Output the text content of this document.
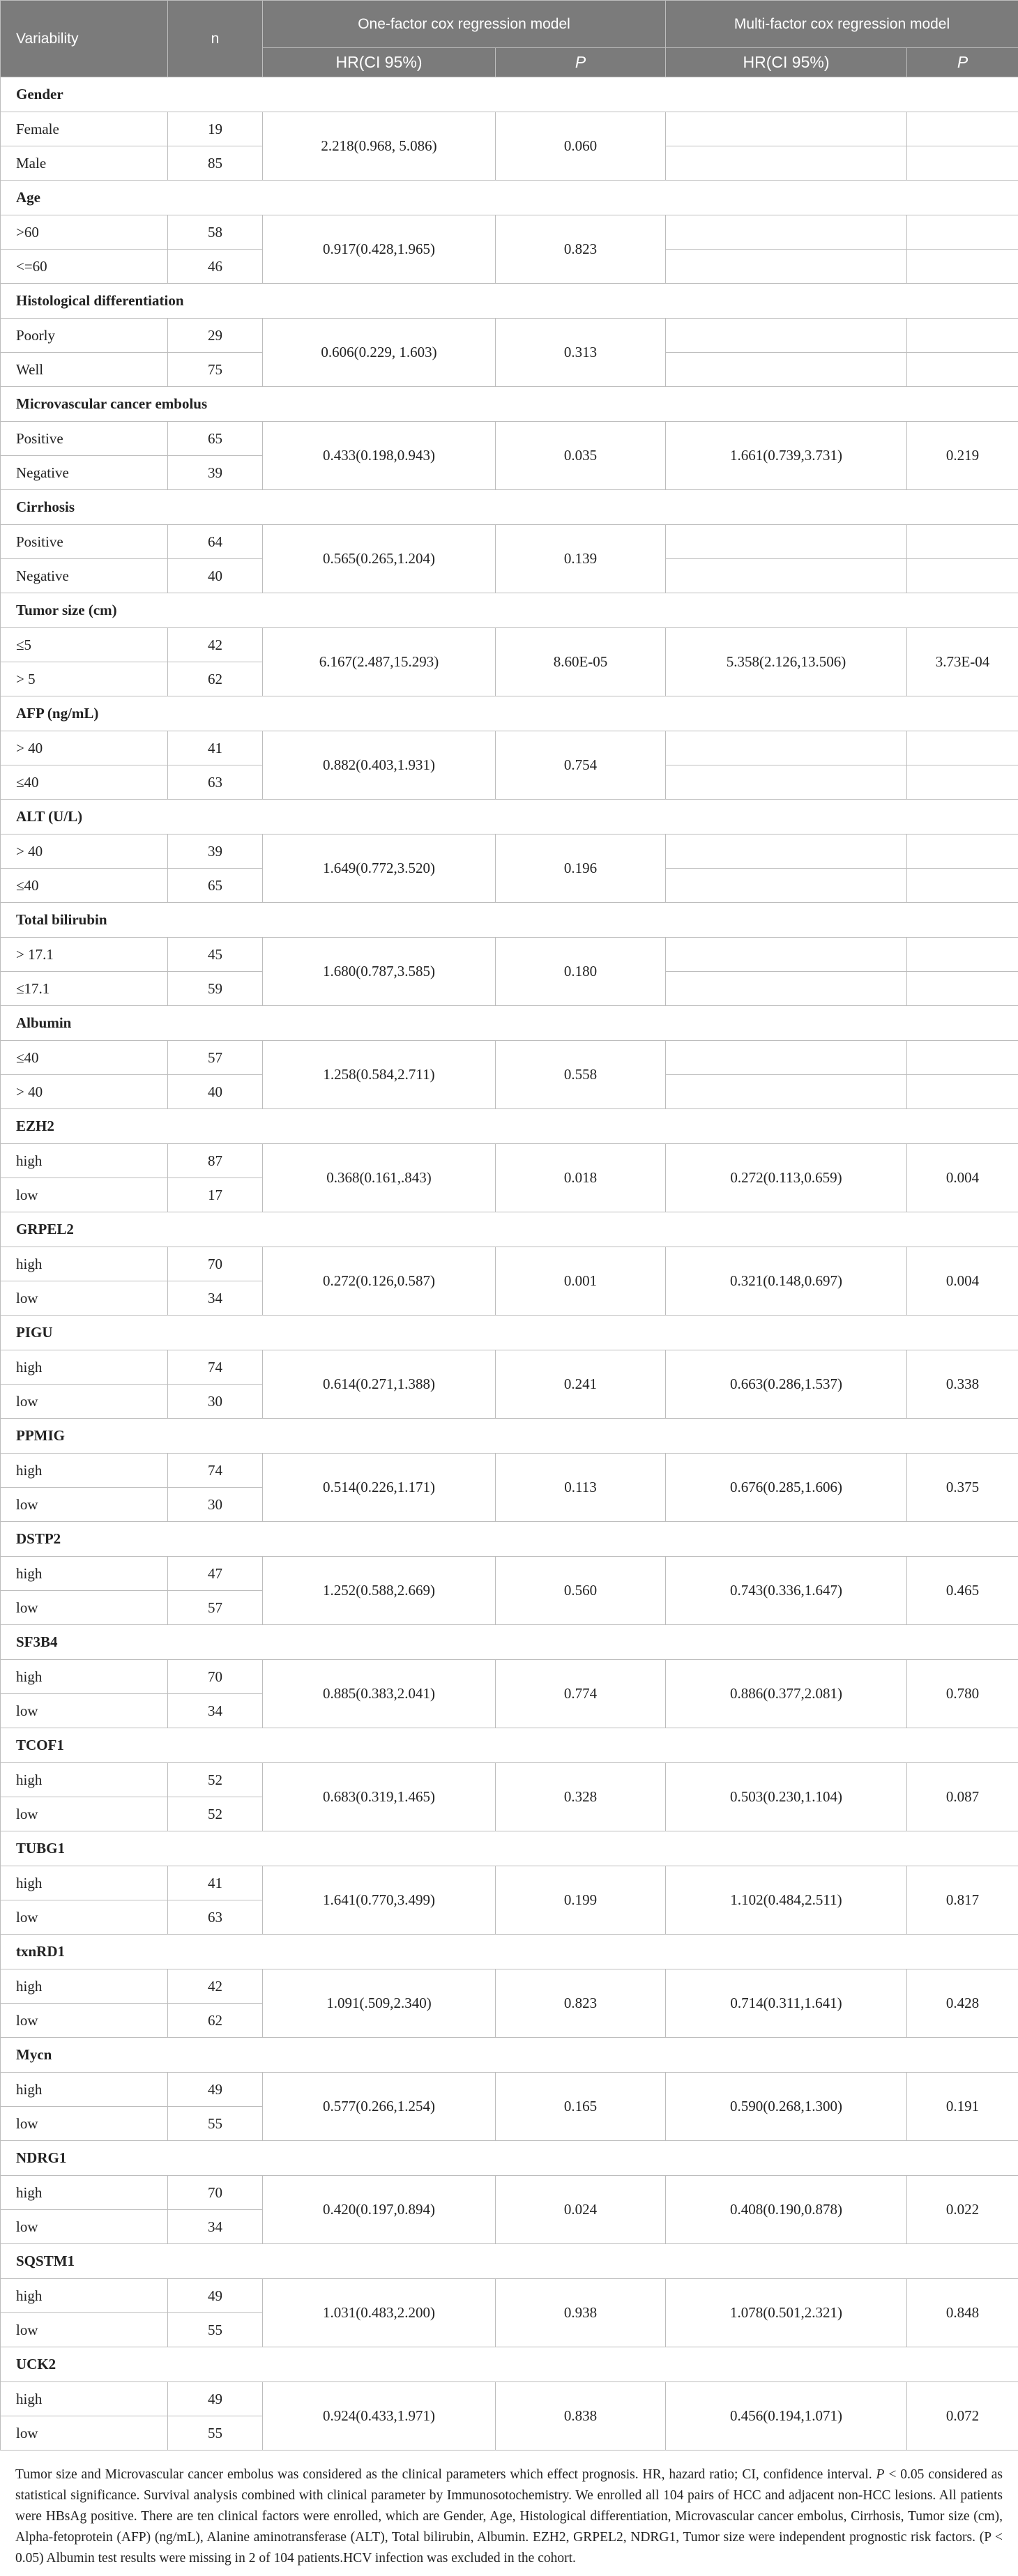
Variability	n	One-factor cox regression model		Multi-factor cox regression model	
		HR(CI 95%)	P	HR(CI 95%)	P
Gender					
Female	19	2.218(0.968, 5.086)	0.060		
Male	85				
Age					
>60	58	0.917(0.428,1.965)	0.823		
<=60	46				
Histological differentiation					
Poorly	29	0.606(0.229, 1.603)	0.313		
Well	75				
Microvascular cancer embolus					
Positive	65	0.433(0.198,0.943)	0.035	1.661(0.739,3.731)	0.219
Negative	39				
Cirrhosis					
Positive	64	0.565(0.265,1.204)	0.139		
Negative	40				
Tumor size (cm)					
≤5	42	6.167(2.487,15.293)	8.60E-05	5.358(2.126,13.506)	3.73E-04
> 5	62				
AFP (ng/mL)					
> 40	41	0.882(0.403,1.931)	0.754		
≤40	63				
ALT (U/L)					
> 40	39	1.649(0.772,3.520)	0.196		
≤40	65				
Total bilirubin					
> 17.1	45	1.680(0.787,3.585)	0.180		
≤17.1	59				
Albumin					
≤40	57	1.258(0.584,2.711)	0.558		
> 40	40				
EZH2					
high	87	0.368(0.161,.843)	0.018	0.272(0.113,0.659)	0.004
low	17				
GRPEL2					
high	70	0.272(0.126,0.587)	0.001	0.321(0.148,0.697)	0.004
low	34				
PIGU					
high	74	0.614(0.271,1.388)	0.241	0.663(0.286,1.537)	0.338
low	30				
PPMIG					
high	74	0.514(0.226,1.171)	0.113	0.676(0.285,1.606)	0.375
low	30				
DSTP2					
high	47	1.252(0.588,2.669)	0.560	0.743(0.336,1.647)	0.465
low	57				
SF3B4					
high	70	0.885(0.383,2.041)	0.774	0.886(0.377,2.081)	0.780
low	34				
TCOF1					
high	52	0.683(0.319,1.465)	0.328	0.503(0.230,1.104)	0.087
low	52				
TUBG1					
high	41	1.641(0.770,3.499)	0.199	1.102(0.484,2.511)	0.817
low	63				
txnRD1					
high	42	1.091(.509,2.340)	0.823	0.714(0.311,1.641)	0.428
low	62				
Mycn					
high	49	0.577(0.266,1.254)	0.165	0.590(0.268,1.300)	0.191
low	55				
NDRG1					
high	70	0.420(0.197,0.894)	0.024	0.408(0.190,0.878)	0.022
low	34				
SQSTM1					
high	49	1.031(0.483,2.200)	0.938	1.078(0.501,2.321)	0.848
low	55				
UCK2					
high	49	0.924(0.433,1.971)	0.838	0.456(0.194,1.071)	0.072
low	55				
Tumor size and Microvascular cancer embolus was considered as the clinical parameters which effect prognosis. HR, hazard ratio; CI, confidence interval. P < 0.05 considered as statistical significance. Survival analysis combined with clinical parameter by Immunosotochemistry. We enrolled all 104 pairs of HCC and adjacent non-HCC lesions. All patients were HBsAg positive. There are ten clinical factors were enrolled, which are Gender, Age, Histological differentiation, Microvascular cancer embolus, Cirrhosis, Tumor size (cm), Alpha-fetoprotein (AFP) (ng/mL), Alanine aminotransferase (ALT), Total bilirubin, Albumin. EZH2, GRPEL2, NDRG1, Tumor size were independent prognostic risk factors. (P < 0.05) Albumin test results were missing in 2 of 104 patients.HCV infection was excluded in the cohort.
